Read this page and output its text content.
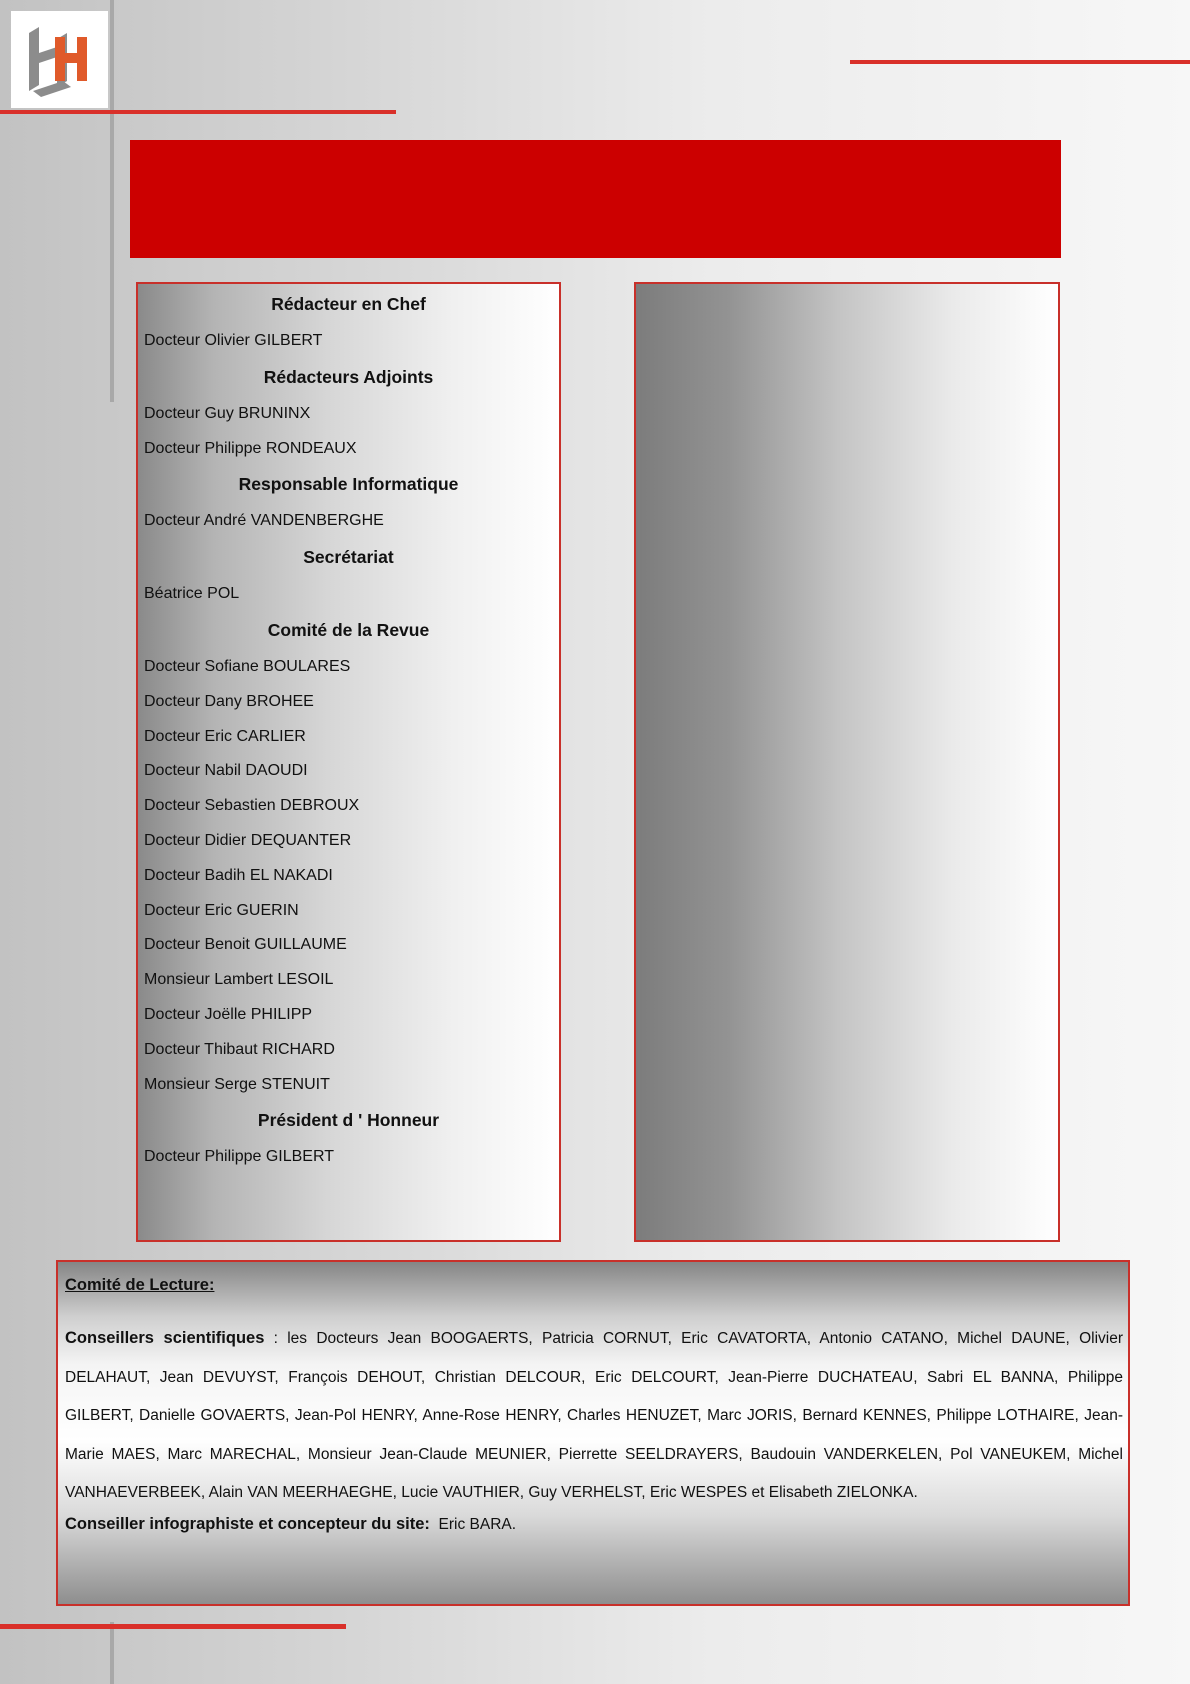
Rédacteur en Chef
Docteur Olivier GILBERT
Rédacteurs Adjoints
Docteur Guy BRUNINX
Docteur Philippe RONDEAUX
Responsable Informatique
Docteur André VANDENBERGHE
Secrétariat
Béatrice POL
Comité de la Revue
Docteur Sofiane BOULARES
Docteur Dany BROHEE
Docteur Eric CARLIER
Docteur Nabil DAOUDI
Docteur Sebastien DEBROUX
Docteur Didier DEQUANTER
Docteur Badih EL NAKADI
Docteur Eric GUERIN
Docteur Benoit GUILLAUME
Monsieur Lambert LESOIL
Docteur Joëlle PHILIPP
Docteur Thibaut RICHARD
Monsieur Serge STENUIT
Président d ' Honneur
Docteur Philippe GILBERT
Comité de Lecture:
Conseillers scientifiques : les Docteurs Jean BOOGAERTS, Patricia CORNUT, Eric CAVATORTA, Antonio CATANO, Michel DAUNE, Olivier DELAHAUT, Jean DEVUYST, François DEHOUT, Christian DELCOUR, Eric DELCOURT, Jean-Pierre DUCHATEAU, Sabri EL BANNA, Philippe GILBERT, Danielle GOVAERTS, Jean-Pol HENRY, Anne-Rose HENRY, Charles HENUZET, Marc JORIS, Bernard KENNES, Philippe LOTHAIRE, Jean-Marie MAES, Marc MARECHAL, Monsieur Jean-Claude MEUNIER, Pierrette SEELDRAYERS, Baudouin VANDERKELEN, Pol VANEUKEM, Michel VANHAEVERBEEK, Alain VAN MEERHAEGHE, Lucie VAUTHIER, Guy VERHELST, Eric WESPES et Elisabeth ZIELONKA.
Conseiller infographiste et concepteur du site: Eric BARA.
